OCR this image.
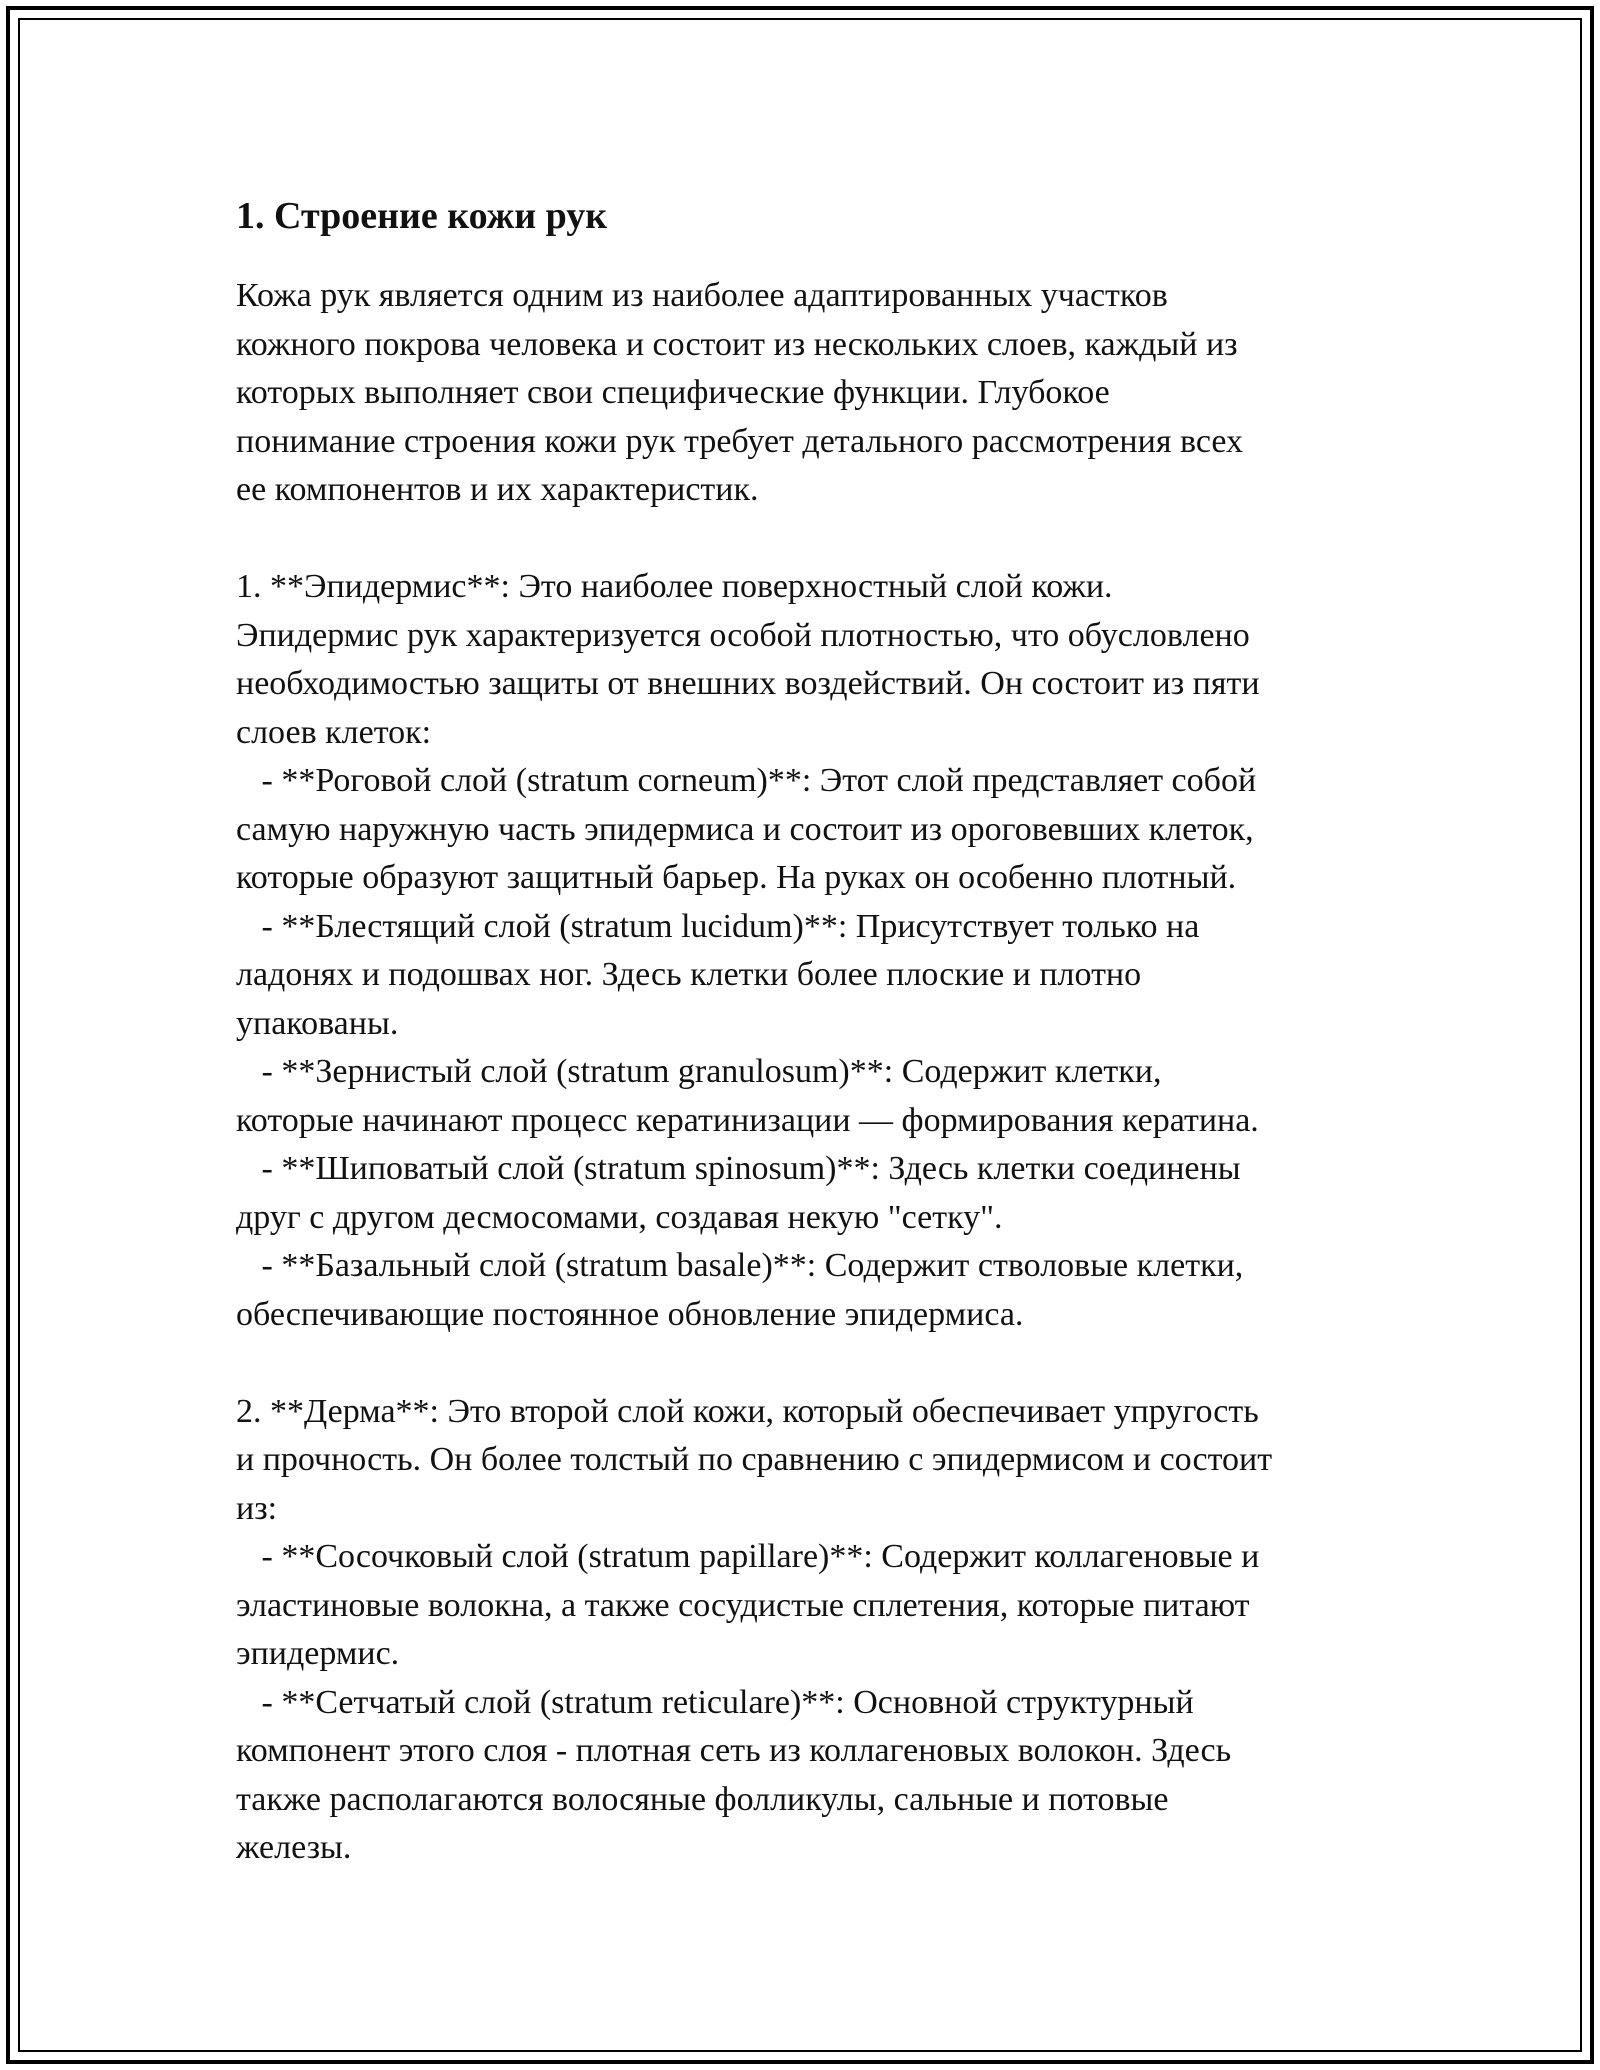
1. Строение кожи рук

Кожа рук является одним из наиболее адаптированных участков

кожного покрова человека и состоит из нескольких слоев, каждый из

которых выполняет свои специфические функции. Глубокое

понимание строения кожи рук требует детального рассмотрения всех

ее компонентов и их характеристик.

1. **Эпидермис**: Это наиболее поверхностный слой кожи.

Эпидермис рук характеризуется особой плотностью, что обусловлено

необходимостью защиты от внешних воздействий. Он состоит из пяти

слоев клеток:

- **Роговой слой (stratum corneum)**: Этот слой представляет собой

самую наружную часть эпидермиса и состоит из ороговевших клеток,

которые образуют защитный барьер. На руках он особенно плотный.

- **Блестящий слой (stratum lucidum)**: Присутствует только на

ладонях и подошвах ног. Здесь клетки более плоские и плотно

упакованы.

- **Зернистый слой (stratum granulosum)**: Содержит клетки,

которые начинают процесс кератинизации — формирования кератина.

- **Шиповатый слой (stratum spinosum)**: Здесь клетки соединены

друг с другом десмосомами, создавая некую "сетку".

- **Базальный слой (stratum basale)**: Содержит стволовые клетки,

обеспечивающие постоянное обновление эпидермиса.

2. **Дерма**: Это второй слой кожи, который обеспечивает упругость

и прочность. Он более толстый по сравнению с эпидермисом и состоит

из:

- **Сосочковый слой (stratum papillare)**: Содержит коллагеновые и

эластиновые волокна, а также сосудистые сплетения, которые питают

эпидермис.

- **Сетчатый слой (stratum reticulare)**: Основной структурный

компонент этого слоя - плотная сеть из коллагеновых волокон. Здесь

также располагаются волосяные фолликулы, сальные и потовые

железы.
